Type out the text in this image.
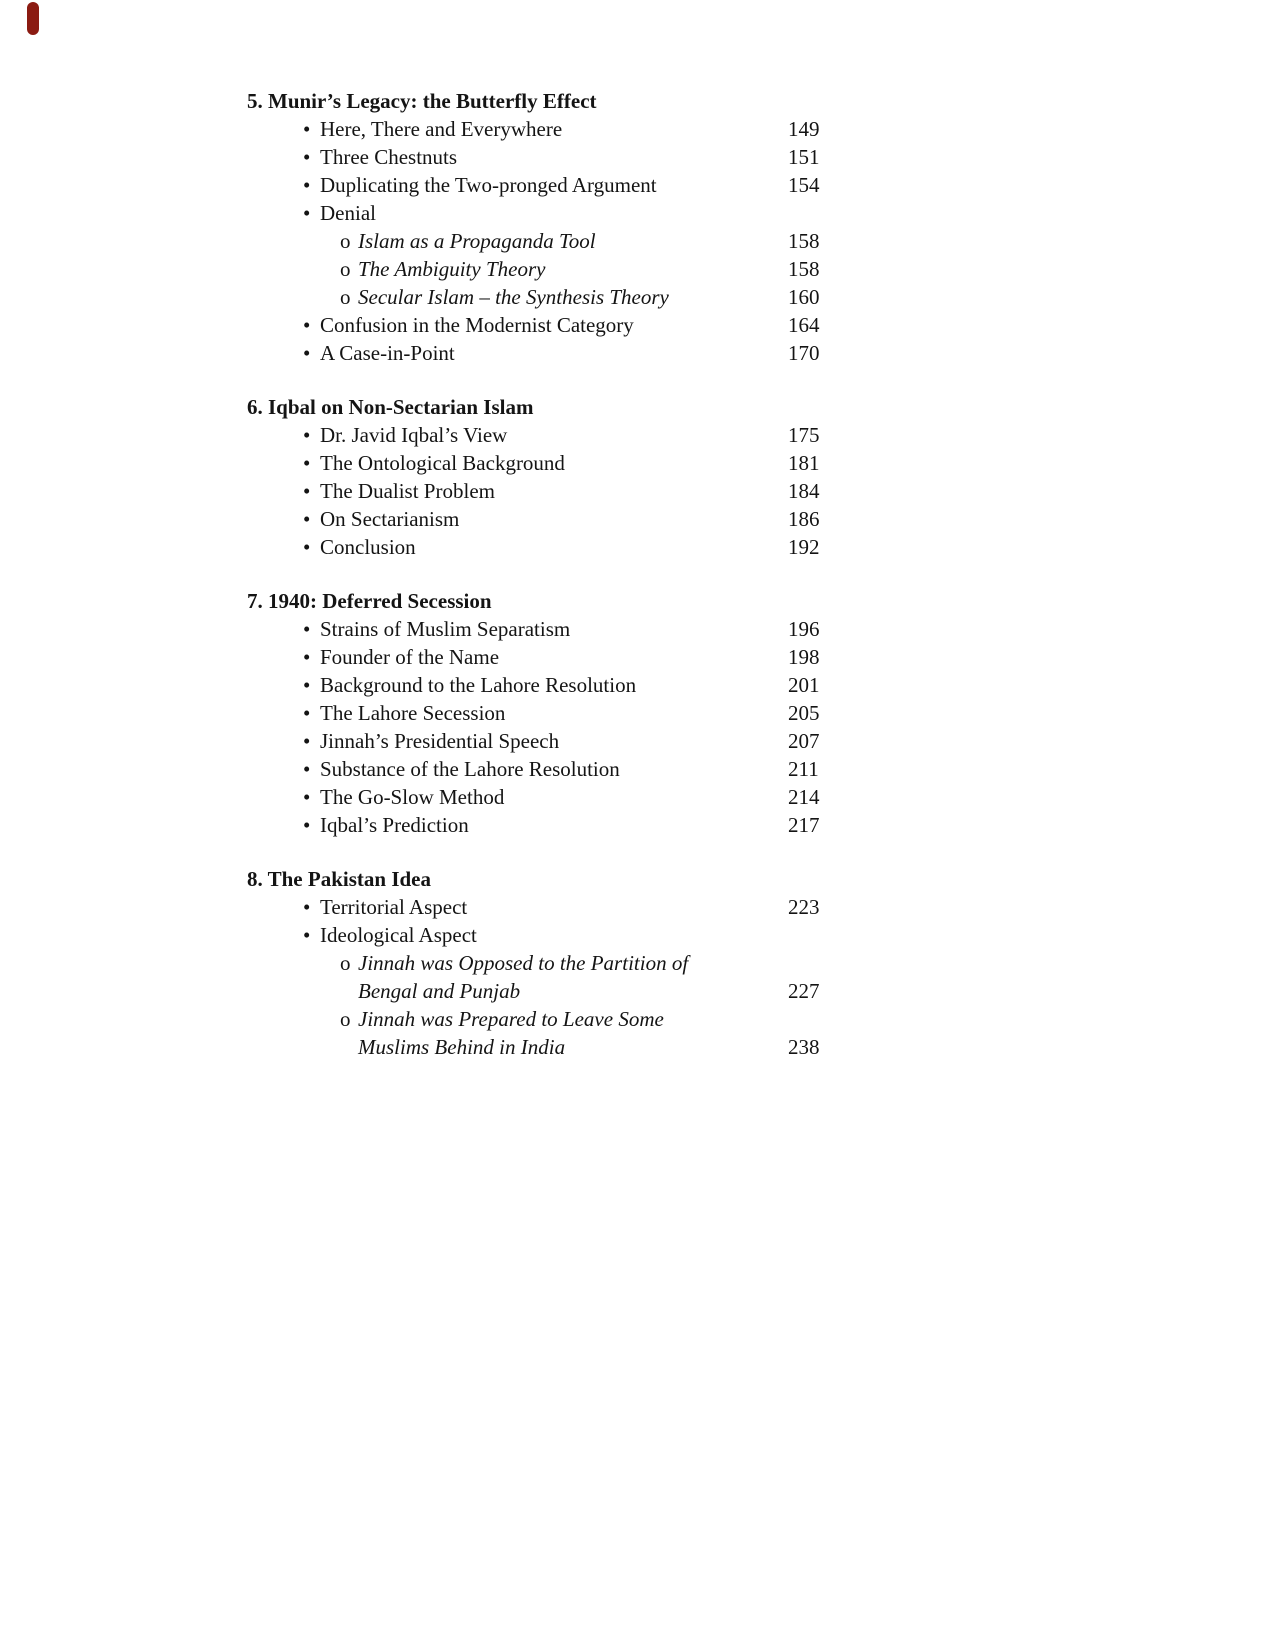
5. Munir’s Legacy: the Butterfly Effect
• Here, There and Everywhere	149
• Three Chestnuts	151
• Duplicating the Two-pronged Argument	154
• Denial
o Islam as a Propaganda Tool	158
o The Ambiguity Theory	158
o Secular Islam – the Synthesis Theory	160
• Confusion in the Modernist Category	164
• A Case-in-Point	170
6. Iqbal on Non-Sectarian Islam
• Dr. Javid Iqbal’s View	175
• The Ontological Background	181
• The Dualist Problem	184
• On Sectarianism	186
• Conclusion	192
7. 1940: Deferred Secession
• Strains of Muslim Separatism	196
• Founder of the Name	198
• Background to the Lahore Resolution	201
• The Lahore Secession	205
• Jinnah’s Presidential Speech	207
• Substance of the Lahore Resolution	211
• The Go-Slow Method	214
• Iqbal’s Prediction	217
8. The Pakistan Idea
• Territorial Aspect	223
• Ideological Aspect
o Jinnah was Opposed to the Partition of
Bengal and Punjab	227
o Jinnah was Prepared to Leave Some
Muslims Behind in India	238
